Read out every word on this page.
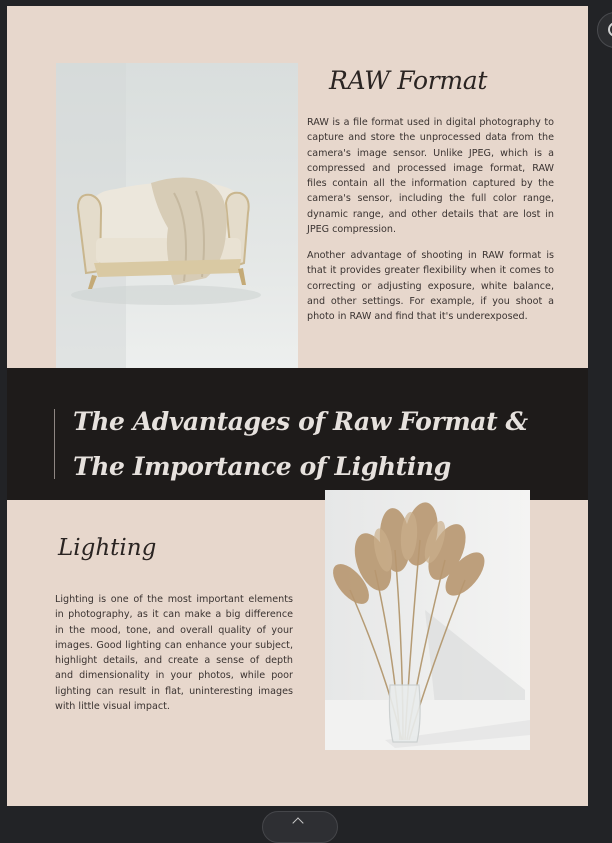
RAW Format

RAW is a file format used in digital photography to capture and store the unprocessed data from the camera's image sensor. Unlike JPEG, which is a compressed and processed image format, RAW files contain all the information captured by the camera's sensor, including the full color range, dynamic range, and other details that are lost in JPEG compression.

Another advantage of shooting in RAW format is that it provides greater flexibility when it comes to correcting or adjusting exposure, white balance, and other settings. For example, if you shoot a photo in RAW and find that it's underexposed.

The Advantages of Raw Format &
The Importance of Lighting
Lighting

Lighting is one of the most important elements in photography, as it can make a big difference in the mood, tone, and overall quality of your images. Good lighting can enhance your subject, highlight details, and create a sense of depth and dimensionality in your photos, while poor lighting can result in flat, uninteresting images with little visual impact.
